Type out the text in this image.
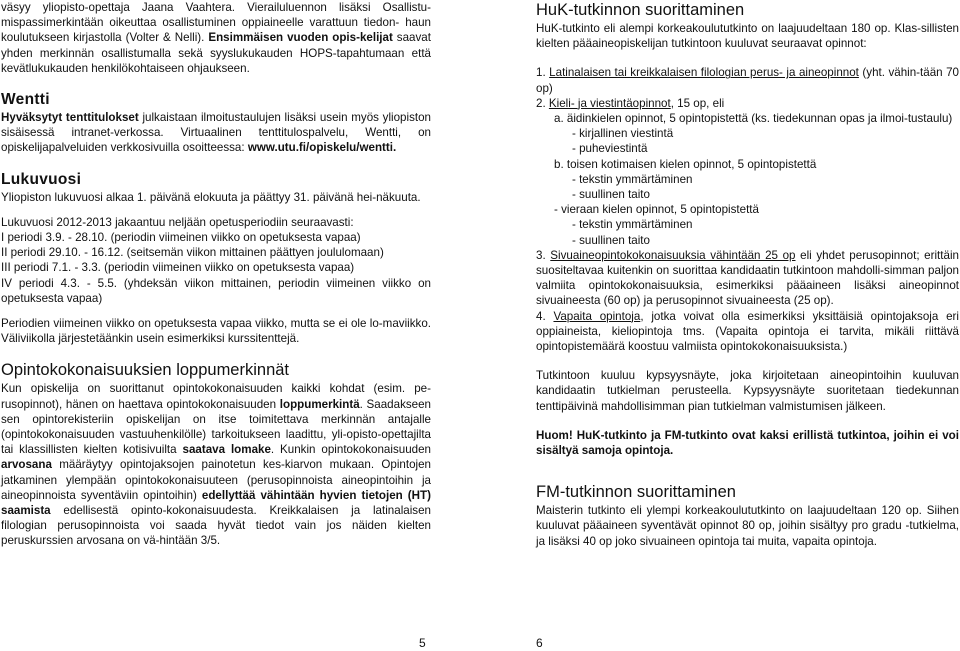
väsyy yliopisto-opettaja Jaana Vaahtera. Vierailuluennon lisäksi Osallistu- mispassimerkintään oikeuttaa osallistuminen oppiaineelle varattuun tiedon- haun koulutukseen kirjastolla (Volter & Nelli). Ensimmäisen vuoden opis-kelijat saavat yhden merkinnän osallistumalla sekä syyslukukauden HOPS-tapahtumaan että kevätlukukauden henkilökohtaiseen ohjaukseen.

Wentti

Hyväksytyt tenttitulokset julkaistaan ilmoitustaulujen lisäksi usein myös yliopiston sisäisessä intranet-verkossa. Virtuaalinen tenttitulospalvelu, Wentti, on opiskelijapalveluiden verkkosivuilla osoitteessa: www.utu.fi/opiskelu/wentti.

Lukuvuosi

Yliopiston lukuvuosi alkaa 1. päivänä elokuuta ja päättyy 31. päivänä hei-näkuuta.

Lukuvuosi 2012-2013 jakaantuu neljään opetusperiodiin seuraavasti:

I periodi 3.9. - 28.10. (periodin viimeinen viikko on opetuksesta vapaa)
II periodi 29.10. - 16.12. (seitsemän viikon mittainen päättyen joululomaan)
III periodi 7.1. - 3.3. (periodin viimeinen viikko on opetuksesta vapaa)
IV periodi 4.3. - 5.5. (yhdeksän viikon mittainen, periodin viimeinen viikko on opetuksesta vapaa)

Periodien viimeinen viikko on opetuksesta vapaa viikko, mutta se ei ole lo-maviikko. Väliviikolla järjestetäänkin usein esimerkiksi kurssitenttejä.

Opintokokonaisuuksien loppumerkinnät

Kun opiskelija on suorittanut opintokokonaisuuden kaikki kohdat (esim. pe-rusopinnot), hänen on haettava opintokokonaisuuden loppumerkintä. Saadakseen sen opintorekisteriin opiskelijan on itse toimitettava merkinnän antajalle (opintokokonaisuuden vastuuhenkilölle) tarkoitukseen laadittu, yli-opisto-opettajilta tai klassillisten kielten kotisivuilta saatava lomake. Kunkin opintokokonaisuuden arvosana määräytyy opintojaksojen painotetun kes-kiarvon mukaan. Opintojen jatkaminen ylempään opintokokonaisuuteen (perusopinnoista aineopintoihin ja aineopinnoista syventäviin opintoihin) edellyttää vähintään hyvien tietojen (HT) saamista edellisestä opinto-kokonaisuudesta. Kreikkalaisen ja latinalaisen filologian perusopinnoista voi saada hyvät tiedot vain jos näiden kielten peruskurssien arvosana on vä-hintään 3/5.

HuK-tutkinnon suorittaminen

HuK-tutkinto eli alempi korkeakoulututkinto on laajuudeltaan 180 op. Klas-sillisten kielten pääaineopiskelijan tutkintoon kuuluvat seuraavat opinnot:

1. Latinalaisen tai kreikkalaisen filologian perus- ja aineopinnot (yht. vähin-tään 70 op)

2. Kieli- ja viestintäopinnot, 15 op, eli

a. äidinkielen opinnot, 5 opintopistettä (ks. tiedekunnan opas ja ilmoi-tustaulu)

- kirjallinen viestintä

- puheviestintä

b. toisen kotimaisen kielen opinnot, 5 opintopistettä

- tekstin ymmärtäminen

- suullinen taito

- vieraan kielen opinnot, 5 opintopistettä

- tekstin ymmärtäminen

- suullinen taito

3. Sivuaineopintokokonaisuuksia vähintään 25 op eli yhdet perusopinnot; erittäin suositeltavaa kuitenkin on suorittaa kandidaatin tutkintoon mahdolli-simman paljon valmiita opintokokonaisuuksia, esimerkiksi pääaineen lisäksi aineopinnot sivuaineesta (60 op) ja perusopinnot sivuaineesta (25 op).

4. Vapaita opintoja, jotka voivat olla esimerkiksi yksittäisiä opintojaksoja eri oppiaineista, kieliopintoja tms. (Vapaita opintoja ei tarvita, mikäli riittävä opintopistemäärä koostuu valmiista opintokokonaisuuksista.)

Tutkintoon kuuluu kypsyysnäyte, joka kirjoitetaan aineopintoihin kuuluvan kandidaatin tutkielman perusteella. Kypsyysnäyte suoritetaan tiedekunnan tenttipäivinä mahdollisimman pian tutkielman valmistumisen jälkeen.

Huom! HuK-tutkinto ja FM-tutkinto ovat kaksi erillistä tutkintoa, joihin ei voi sisältyä samoja opintoja.

FM-tutkinnon suorittaminen

Maisterin tutkinto eli ylempi korkeakoulututkinto on laajuudeltaan 120 op. Siihen kuuluvat pääaineen syventävät opinnot 80 op, joihin sisältyy pro gradu -tutkielma, ja lisäksi 40 op joko sivuaineen opintoja tai muita, vapaita opintoja.

5	6
